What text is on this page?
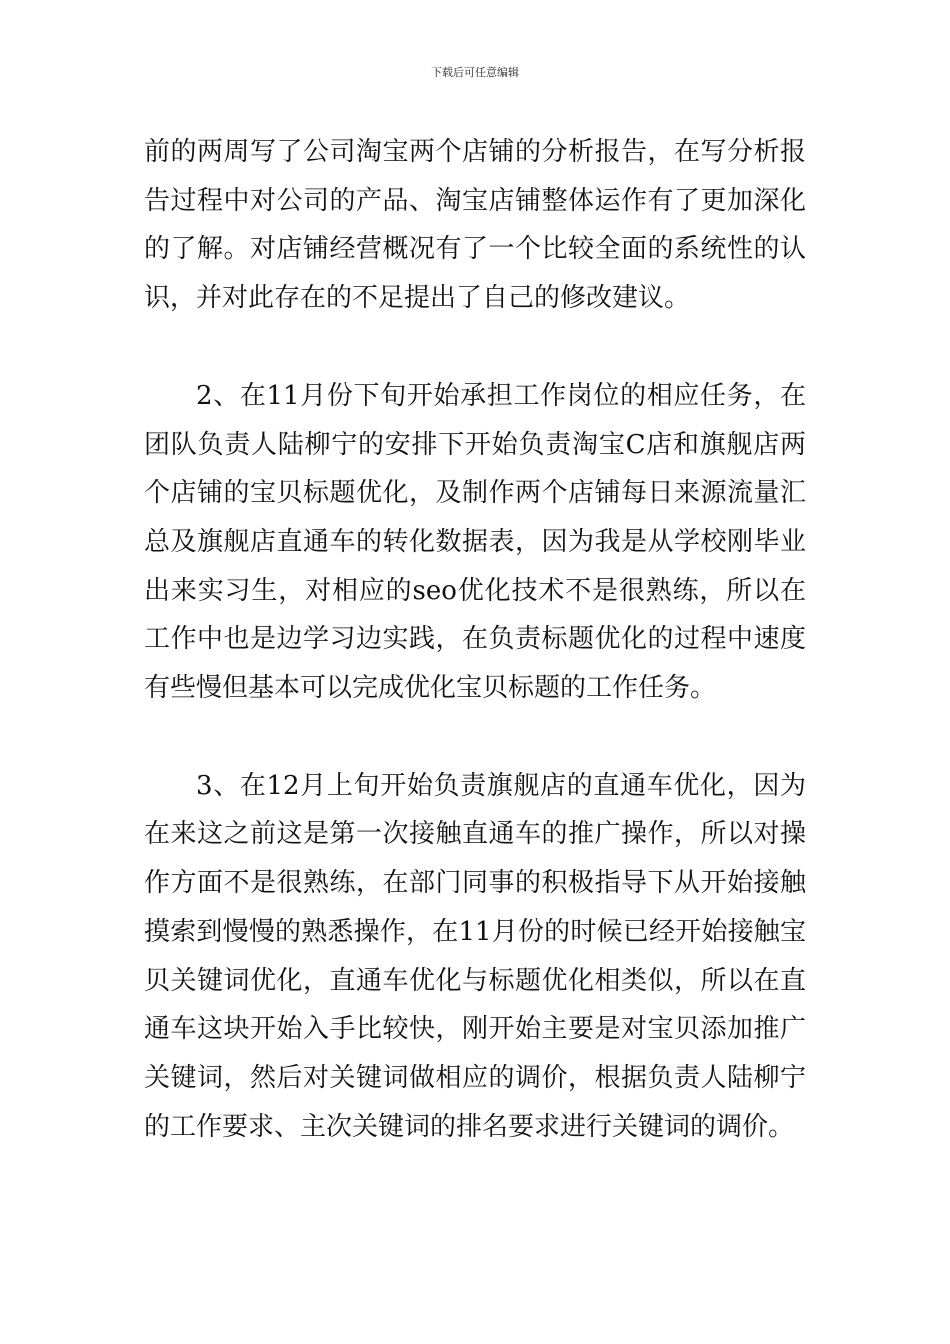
下载后可任意编辑

前的两周写了公司淘宝两个店铺的分析报告，在写分析报告过程中对公司的产品、淘宝店铺整体运作有了更加深化的了解。对店铺经营概况有了一个比较全面的系统性的认识，并对此存在的不足提出了自己的修改建议。

2、在11月份下旬开始承担工作岗位的相应任务，在团队负责人陆柳宁的安排下开始负责淘宝C店和旗舰店两个店铺的宝贝标题优化，及制作两个店铺每日来源流量汇总及旗舰店直通车的转化数据表，因为我是从学校刚毕业出来实习生，对相应的seo优化技术不是很熟练，所以在工作中也是边学习边实践，在负责标题优化的过程中速度有些慢但基本可以完成优化宝贝标题的工作任务。

3、在12月上旬开始负责旗舰店的直通车优化，因为在来这之前这是第一次接触直通车的推广操作，所以对操作方面不是很熟练，在部门同事的积极指导下从开始接触摸索到慢慢的熟悉操作，在11月份的时候已经开始接触宝贝关键词优化，直通车优化与标题优化相类似，所以在直通车这块开始入手比较快，刚开始主要是对宝贝添加推广关键词，然后对关键词做相应的调价，根据负责人陆柳宁的工作要求、主次关键词的排名要求进行关键词的调价。
